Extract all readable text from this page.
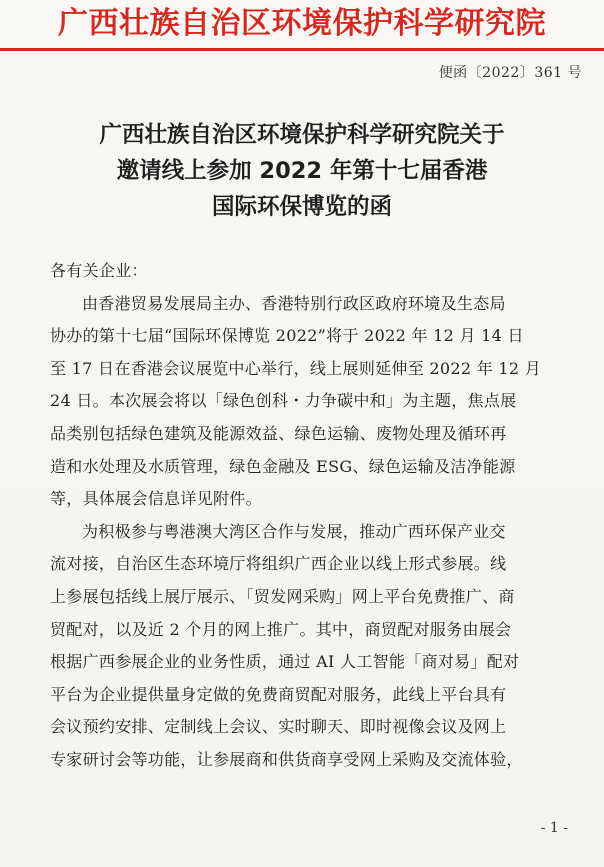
广西壮族自治区环境保护科学研究院
便函〔2022〕361 号
广西壮族自治区环境保护科学研究院关于
邀请线上参加 2022 年第十七届香港
国际环保博览的函

各有关企业：

由香港贸易发展局主办、香港特别行政区政府环境及生态局

协办的第十七届“国际环保博览 2022”将于 2022 年 12 月 14 日

至 17 日在香港会议展览中心举行，线上展则延伸至 2022 年 12 月

24 日。本次展会将以「绿色创科・力争碳中和」为主题，焦点展

品类别包括绿色建筑及能源效益、绿色运输、废物处理及循环再

造和水处理及水质管理，绿色金融及 ESG、绿色运输及洁净能源

等，具体展会信息详见附件。

为积极参与粤港澳大湾区合作与发展，推动广西环保产业交

流对接，自治区生态环境厅将组织广西企业以线上形式参展。线

上参展包括线上展厅展示、「贸发网采购」网上平台免费推广、商

贸配对，以及近 2 个月的网上推广。其中，商贸配对服务由展会

根据广西参展企业的业务性质，通过 AI 人工智能「商对易」配对

平台为企业提供量身定做的免费商贸配对服务，此线上平台具有

会议预约安排、定制线上会议、实时聊天、即时视像会议及网上

专家研讨会等功能，让参展商和供货商享受网上采购及交流体验，

- 1 -
